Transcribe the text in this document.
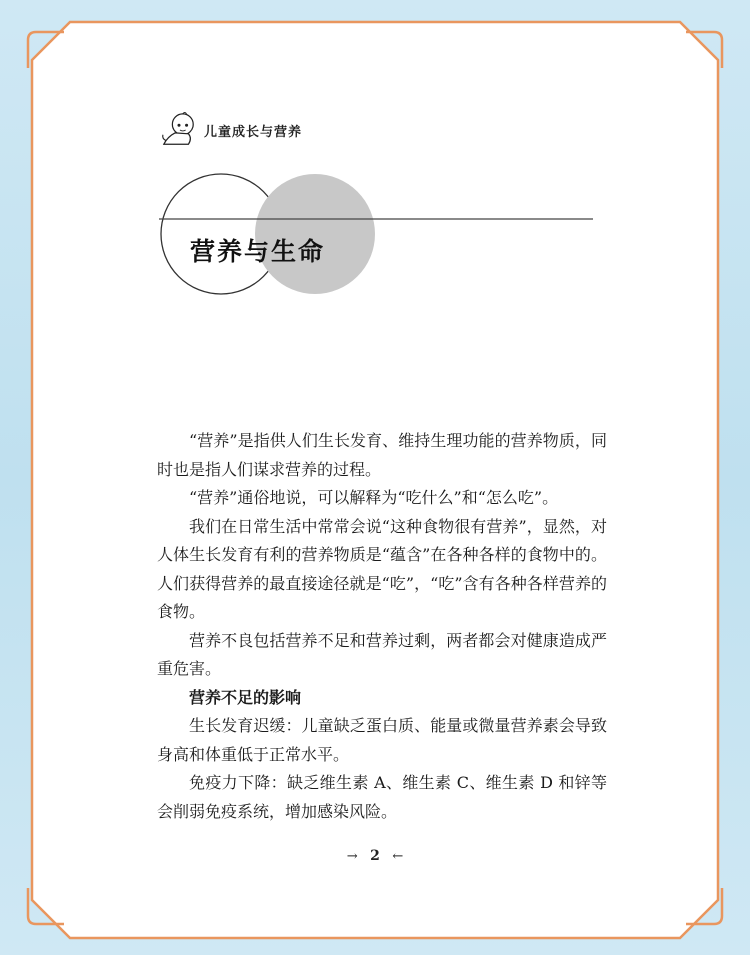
儿童成长与营养
营养与生命

“营养”是指供人们生长发育、维持生理功能的营养物质，同时也是指人们谋求营养的过程。

“营养”通俗地说，可以解释为“吃什么”和“怎么吃”。

我们在日常生活中常常会说“这种食物很有营养”，显然，对人体生长发育有利的营养物质是“蕴含”在各种各样的食物中的。人们获得营养的最直接途径就是“吃”，“吃”含有各种各样营养的食物。

营养不良包括营养不足和营养过剩，两者都会对健康造成严重危害。

营养不足的影响

生长发育迟缓：儿童缺乏蛋白质、能量或微量营养素会导致身高和体重低于正常水平。

免疫力下降：缺乏维生素 A、维生素 C、维生素 D 和锌等会削弱免疫系统，增加感染风险。

→ 2 ←
